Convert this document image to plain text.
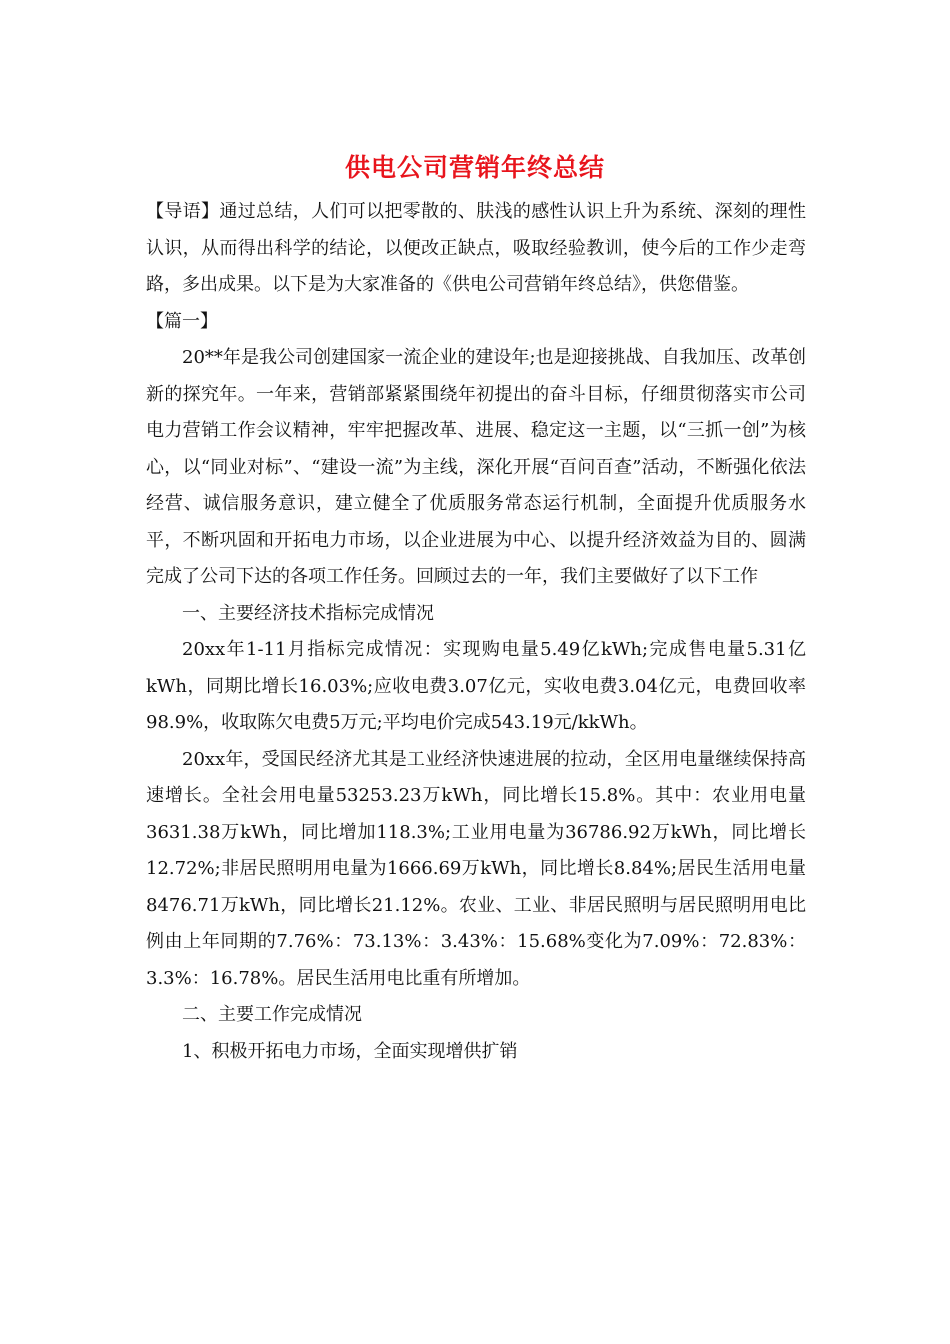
供电公司营销年终总结

【导语】通过总结，人们可以把零散的、肤浅的感性认识上升为系统、深刻的理性认识，从而得出科学的结论，以便改正缺点，吸取经验教训，使今后的工作少走弯路，多出成果。以下是为大家准备的《供电公司营销年终总结》，供您借鉴。

【篇一】

20**年是我公司创建国家一流企业的建设年;也是迎接挑战、自我加压、改革创新的探究年。一年来，营销部紧紧围绕年初提出的奋斗目标，仔细贯彻落实市公司电力营销工作会议精神，牢牢把握改革、进展、稳定这一主题，以“三抓一创”为核心，以“同业对标”、“建设一流”为主线，深化开展“百问百查”活动，不断强化依法经营、诚信服务意识，建立健全了优质服务常态运行机制，全面提升优质服务水平，不断巩固和开拓电力市场，以企业进展为中心、以提升经济效益为目的、圆满完成了公司下达的各项工作任务。回顾过去的一年，我们主要做好了以下工作

一、主要经济技术指标完成情况

20xx年1-11月指标完成情况：实现购电量5.49亿kWh;完成售电量5.31亿kWh，同期比增长16.03%;应收电费3.07亿元，实收电费3.04亿元，电费回收率98.9%，收取陈欠电费5万元;平均电价完成543.19元/kkWh。

20xx年，受国民经济尤其是工业经济快速进展的拉动，全区用电量继续保持高速增长。全社会用电量53253.23万kWh，同比增长15.8%。其中：农业用电量3631.38万kWh，同比增加118.3%;工业用电量为36786.92万kWh，同比增长12.72%;非居民照明用电量为1666.69万kWh，同比增长8.84%;居民生活用电量8476.71万kWh，同比增长21.12%。农业、工业、非居民照明与居民照明用电比例由上年同期的7.76%：73.13%：3.43%：15.68%变化为7.09%：72.83%：3.3%：16.78%。居民生活用电比重有所增加。

二、主要工作完成情况

1、积极开拓电力市场，全面实现增供扩销
